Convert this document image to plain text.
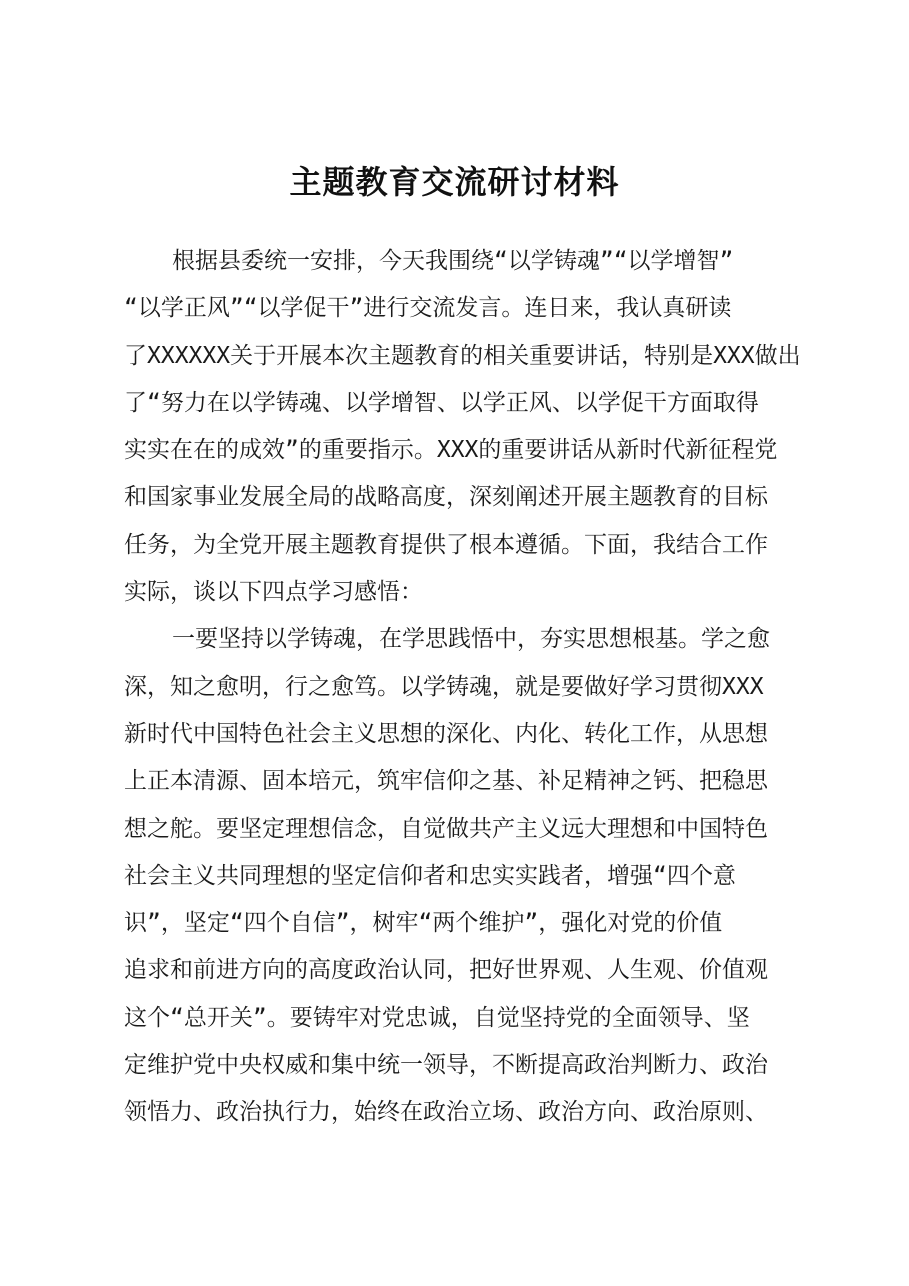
主题教育交流研讨材料
根据县委统一安排，今天我围绕“以学铸魂”“以学增智”
“以学正风”“以学促干”进行交流发言。连日来，我认真研读
了XXXXXX关于开展本次主题教育的相关重要讲话，特别是XXX做出
了“努力在以学铸魂、以学增智、以学正风、以学促干方面取得
实实在在的成效”的重要指示。XXX的重要讲话从新时代新征程党
和国家事业发展全局的战略高度，深刻阐述开展主题教育的目标
任务，为全党开展主题教育提供了根本遵循。下面，我结合工作
实际，谈以下四点学习感悟：
一要坚持以学铸魂，在学思践悟中，夯实思想根基。学之愈
深，知之愈明，行之愈笃。以学铸魂，就是要做好学习贯彻XXX
新时代中国特色社会主义思想的深化、内化、转化工作，从思想
上正本清源、固本培元，筑牢信仰之基、补足精神之钙、把稳思
想之舵。要坚定理想信念，自觉做共产主义远大理想和中国特色
社会主义共同理想的坚定信仰者和忠实实践者，增强“四个意
识”，坚定“四个自信”，树牢“两个维护”，强化对党的价值
追求和前进方向的高度政治认同，把好世界观、人生观、价值观
这个“总开关”。要铸牢对党忠诚，自觉坚持党的全面领导、坚
定维护党中央权威和集中统一领导，不断提高政治判断力、政治
领悟力、政治执行力，始终在政治立场、政治方向、政治原则、
